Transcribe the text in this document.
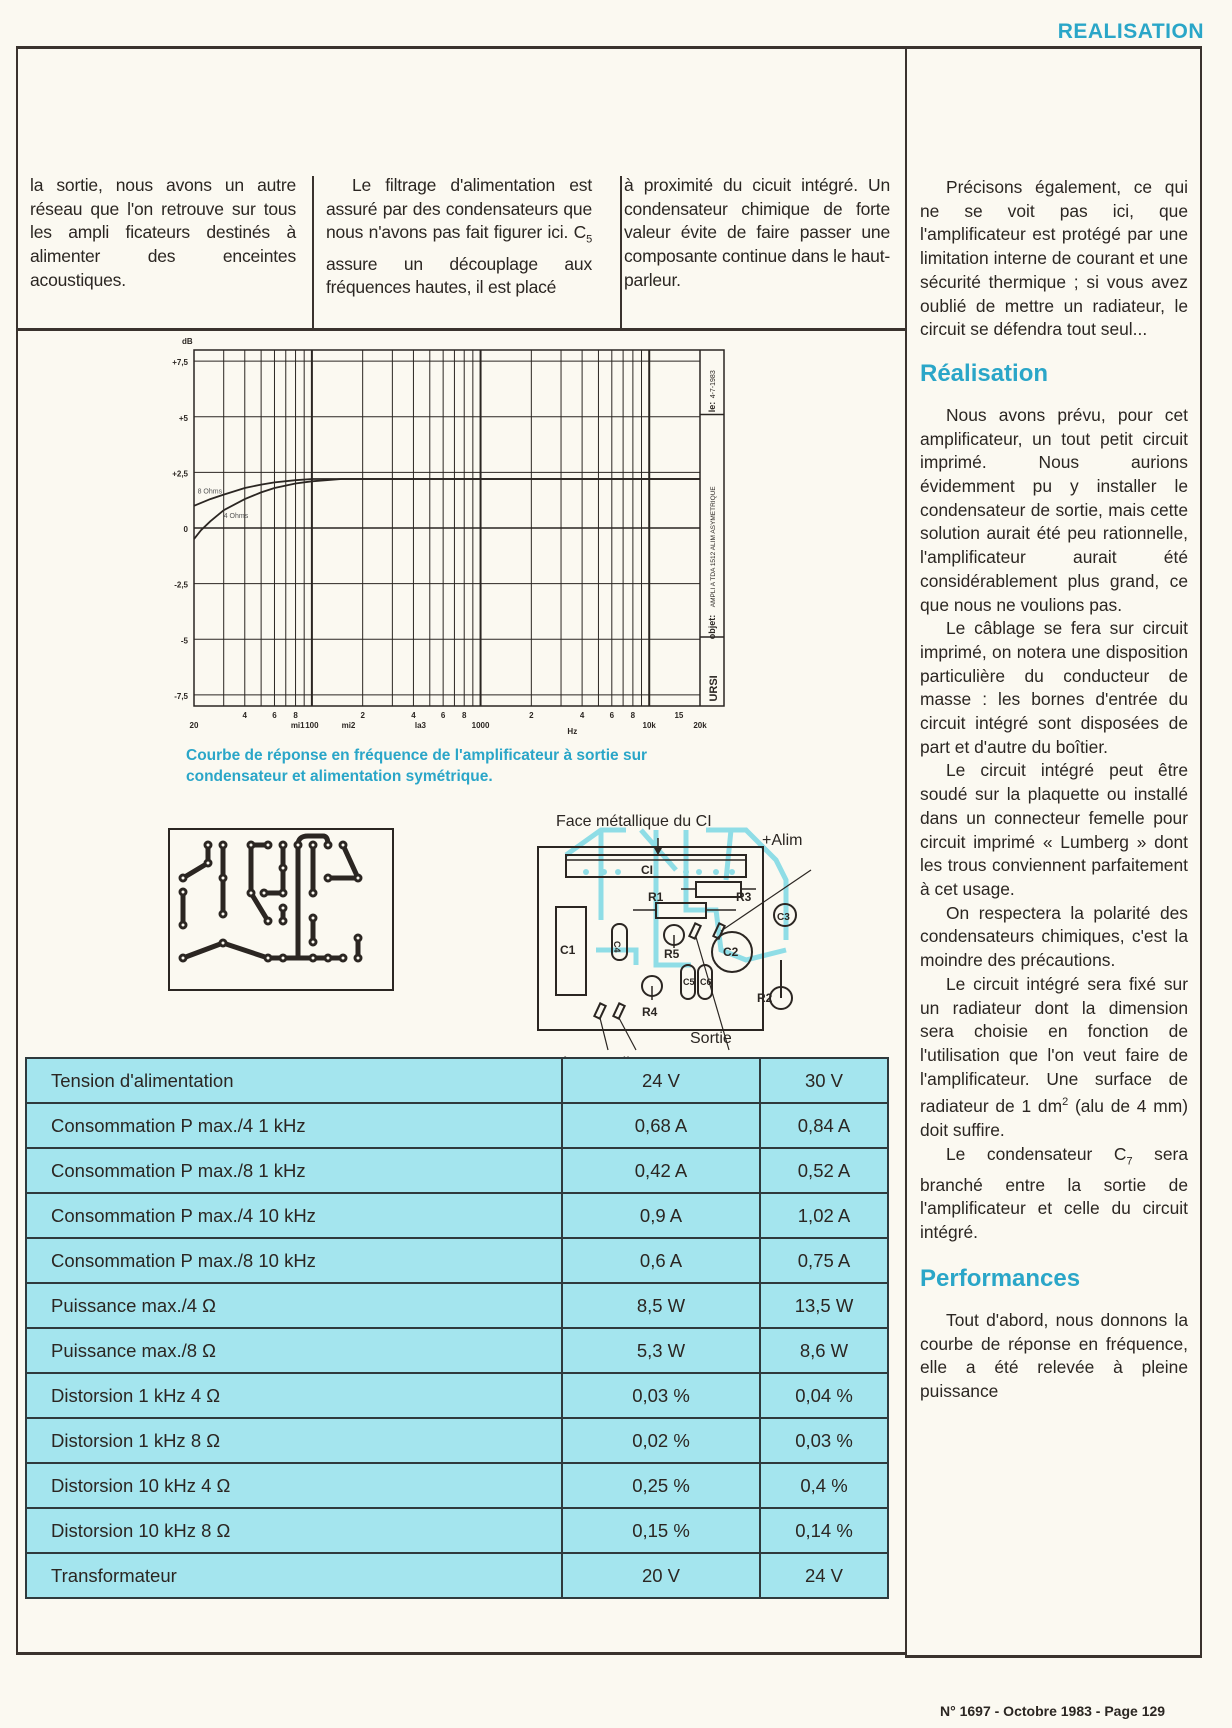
REALISATION

la sortie, nous avons un autre réseau que l'on retrouve sur tous les ampli ficateurs destinés à alimenter des enceintes acoustiques.

Le filtrage d'alimentation est assuré par des condensateurs que nous n'avons pas fait figurer ici. $C_5$ assure un découplage aux fréquences hautes, il est placé

à proximité du cicuit intégré. Un condensateur chimique de forte valeur évite de faire passer une composante continue dans le haut-parleur.

Précisons également, ce qui ne se voit pas ici, que l'amplificateur est protégé par une limitation interne de courant et une sécurité thermique ; si vous avez oublié de mettre un radiateur, le circuit se défendra tout seul...

Réalisation

Nous avons prévu, pour cet amplificateur, un tout petit circuit imprimé. Nous aurions évidemment pu y installer le condensateur de sortie, mais cette solution aurait été peu rationnelle, l'amplificateur aurait été considérablement plus grand, ce que nous ne voulions pas.

Le câblage se fera sur circuit imprimé, on notera une disposition particulière du conducteur de masse : les bornes d'entrée du circuit intégré sont disposées de part et d'autre du boîtier.

Le circuit intégré peut être soudé sur la plaquette ou installé dans un connecteur femelle pour circuit imprimé « Lumberg » dont les trous conviennent parfaitement à cet usage.

On respectera la polarité des condensateurs chimiques, c'est la moindre des précautions.

Le circuit intégré sera fixé sur un radiateur dont la dimension sera choisie en fonction de l'utilisation que l'on veut faire de l'amplificateur. Une surface de radiateur de 1 $dm^2$ (alu de 4 mm) doit suffire.

Le condensateur $C_7$ sera branché entre la sortie de l'amplificateur et celle du circuit intégré.

Performances

Tout d'abord, nous donnons la courbe de réponse en fréquence, elle a été relevée à pleine puissance

+7,5
+5
+2,5
0
-2,5
-5
-7,5
dB
20
4	6 8
mi1 100	mi2
2	4
la3
6 8
1000
2	4	6 8
10k
15
20k
Hz
8 Ohms
4 Ohms
le:
4-7-1983
objet:
AMPLI A TDA 1512 ALIM ASYMETRIQUE
URSI
Courbe de réponse en fréquence de l'amplificateur à sortie sur condensateur et alimentation symétrique.
CI
C1
R1	R3
C3
R5	C2
R4
R2
C4
C5 C6
Face métallique du CI
+Alim
Sortie
Tension d'alimentation	24 V	30 V
Consommation P max./4 1 kHz	0,68 A	0,84 A
Consommation P max./8 1 kHz	0,42 A	0,52 A
Consommation P max./4 10 kHz	0,9 A	1,02 A
Consommation P max./8 10 kHz	0,6 A	0,75 A
Puissance max./4 Ω	8,5 W	13,5 W
Puissance max./8 Ω	5,3 W	8,6 W
Distorsion 1 kHz 4 Ω	0,03 %	0,04 %
Distorsion 1 kHz 8 Ω	0,02 %	0,03 %
Distorsion 10 kHz 4 Ω	0,25 %	0,4 %
Distorsion 10 kHz 8 Ω	0,15 %	0,14 %
Transformateur	20 V	24 V
N° 1697 - Octobre 1983 - Page 129
